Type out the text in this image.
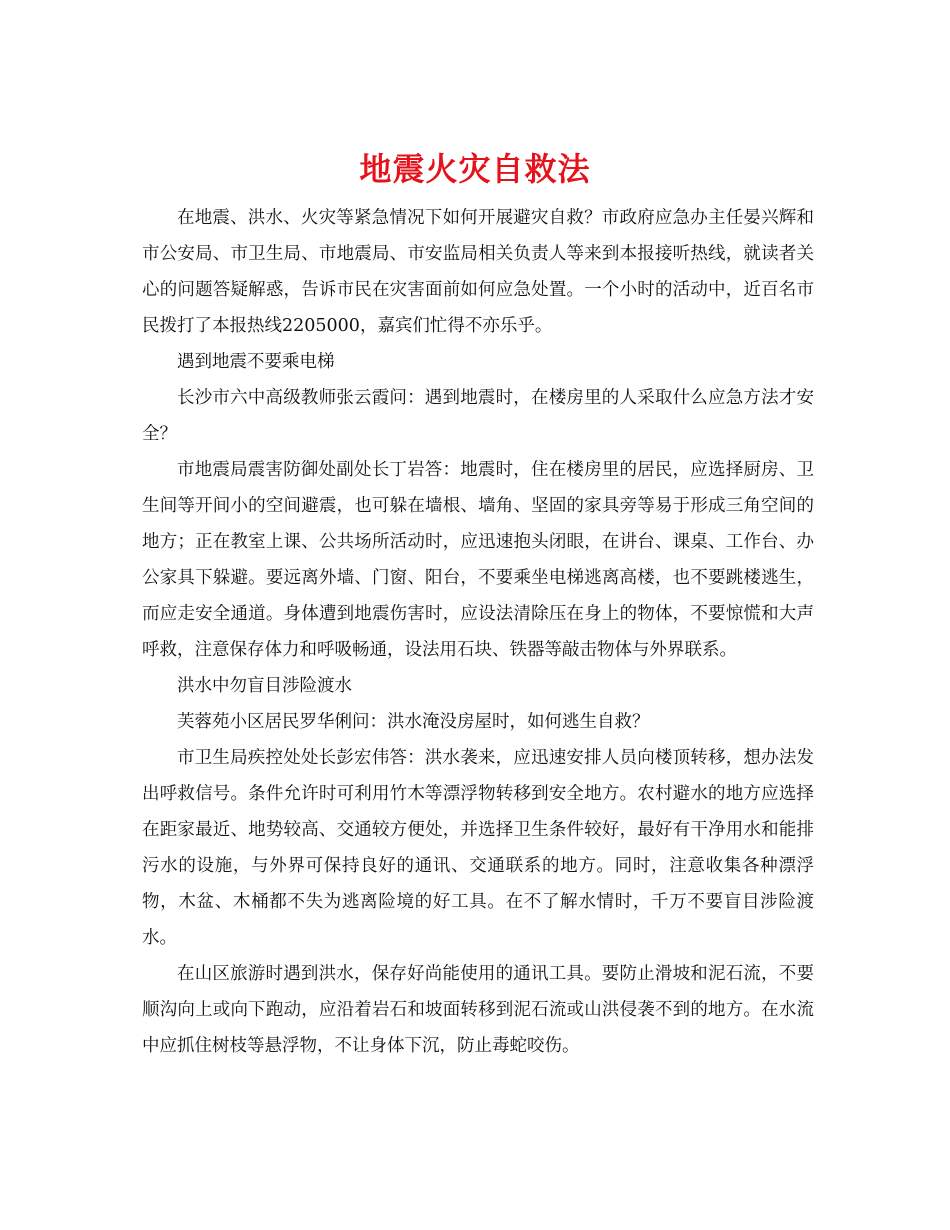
地震火灾自救法

在地震、洪水、火灾等紧急情况下如何开展避灾自救？市政府应急办主任晏兴辉和市公安局、市卫生局、市地震局、市安监局相关负责人等来到本报接听热线，就读者关心的问题答疑解惑，告诉市民在灾害面前如何应急处置。一个小时的活动中，近百名市民拨打了本报热线2205000，嘉宾们忙得不亦乐乎。

遇到地震不要乘电梯

长沙市六中高级教师张云霞问：遇到地震时，在楼房里的人采取什么应急方法才安全？

市地震局震害防御处副处长丁岩答：地震时，住在楼房里的居民，应选择厨房、卫生间等开间小的空间避震，也可躲在墙根、墙角、坚固的家具旁等易于形成三角空间的地方；正在教室上课、公共场所活动时，应迅速抱头闭眼，在讲台、课桌、工作台、办公家具下躲避。要远离外墙、门窗、阳台，不要乘坐电梯逃离高楼，也不要跳楼逃生，而应走安全通道。身体遭到地震伤害时，应设法清除压在身上的物体，不要惊慌和大声呼救，注意保存体力和呼吸畅通，设法用石块、铁器等敲击物体与外界联系。

洪水中勿盲目涉险渡水

芙蓉苑小区居民罗华俐问：洪水淹没房屋时，如何逃生自救？

市卫生局疾控处处长彭宏伟答：洪水袭来，应迅速安排人员向楼顶转移，想办法发出呼救信号。条件允许时可利用竹木等漂浮物转移到安全地方。农村避水的地方应选择在距家最近、地势较高、交通较方便处，并选择卫生条件较好，最好有干净用水和能排污水的设施，与外界可保持良好的通讯、交通联系的地方。同时，注意收集各种漂浮物，木盆、木桶都不失为逃离险境的好工具。在不了解水情时，千万不要盲目涉险渡水。

在山区旅游时遇到洪水，保存好尚能使用的通讯工具。要防止滑坡和泥石流，不要顺沟向上或向下跑动，应沿着岩石和坡面转移到泥石流或山洪侵袭不到的地方。在水流中应抓住树枝等悬浮物，不让身体下沉，防止毒蛇咬伤。
